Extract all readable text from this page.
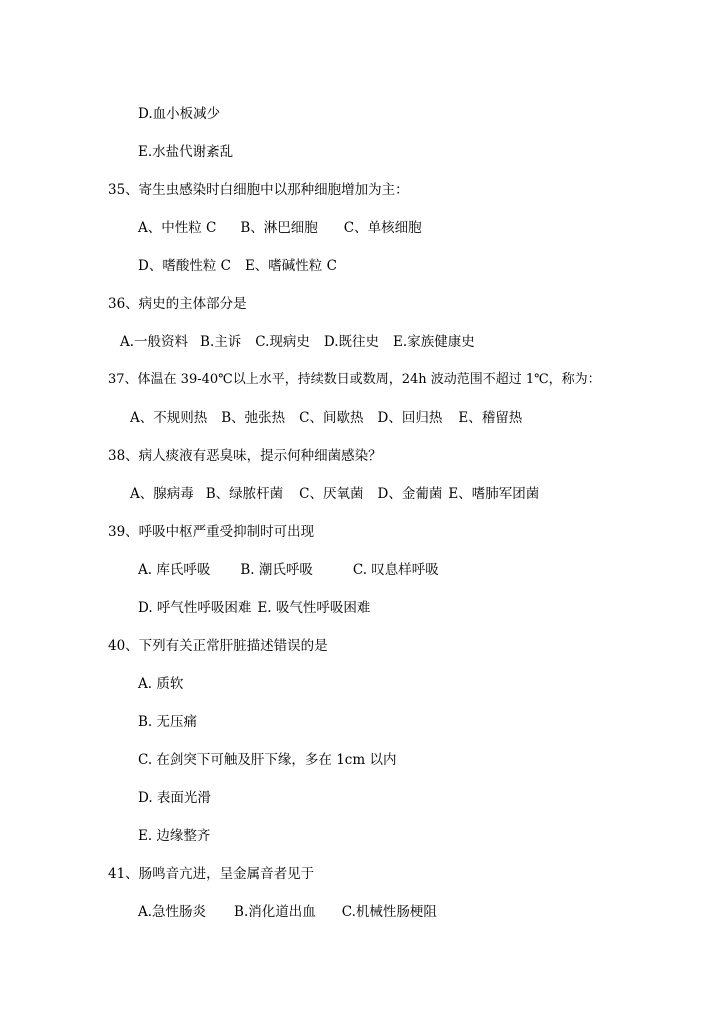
D.血小板减少
E.水盐代谢紊乱
35、寄生虫感染时白细胞中以那种细胞增加为主：
A、中性粒 C B、淋巴细胞 C、单核细胞
D、嗜酸性粒 C E、嗜碱性粒 C
36、病史的主体部分是
A.一般资料 B.主诉 C.现病史 D.既往史 E.家族健康史
37、体温在 39-40℃以上水平，持续数日或数周，24h 波动范围不超过 1℃，称为：
A、不规则热 B、弛张热 C、间歇热 D、回归热 E、稽留热
38、病人痰液有恶臭味，提示何种细菌感染？
A、腺病毒 B、绿脓杆菌 C、厌氧菌 D、金葡菌 E、嗜肺军团菌
39、呼吸中枢严重受抑制时可出现
A. 库氏呼吸 B. 潮氏呼吸	C. 叹息样呼吸
D. 呼气性呼吸困难 E. 吸气性呼吸困难
40、下列有关正常肝脏描述错误的是
A. 质软
B. 无压痛
C. 在剑突下可触及肝下缘，多在 1cm 以内
D. 表面光滑
E. 边缘整齐
41、肠鸣音亢进，呈金属音者见于
A.急性肠炎 B.消化道出血 C.机械性肠梗阻
